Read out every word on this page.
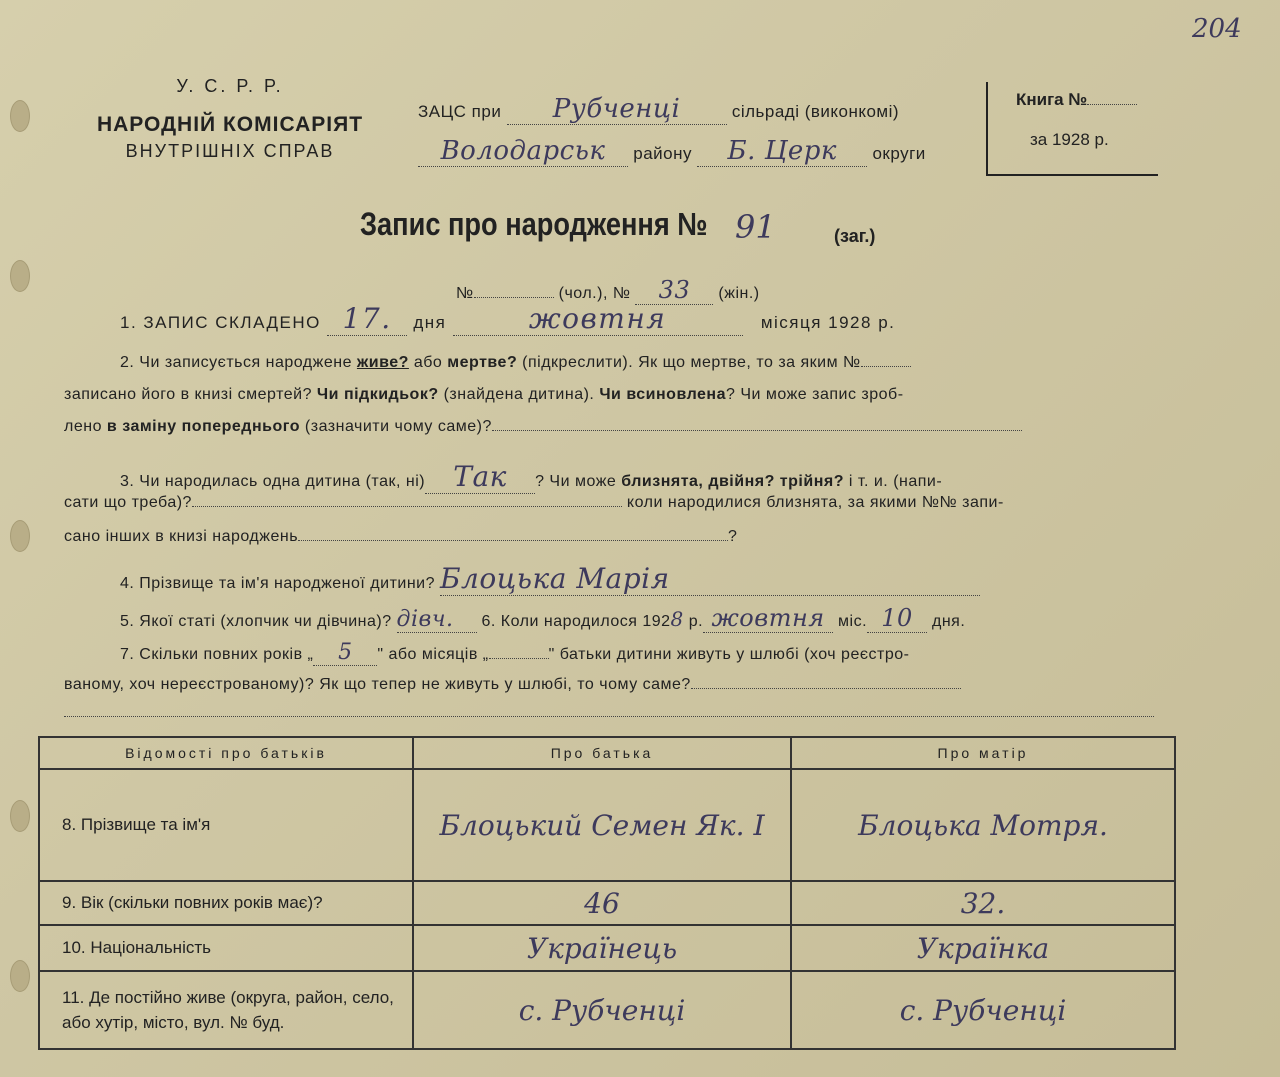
204
У. С. Р. Р.
НАРОДНІЙ КОМІСАРІЯТ
ВНУТРІШНІХ СПРАВ
ЗАЦС при Рубченці	сільраді (виконкомі)
Володарськ району Б. Церк округи
Книга №
за 1928 р.
Запис про народження № 91	(заг.)
№	(чол.), № 33 (жін.)
1. ЗАПИС СКЛАДЕНО 17. дня	жовтня	місяця 1928 р.
2. Чи записується народжене живе? або мертве? (підкреслити). Як що мертве, то за яким №
записано його в книзі смертей? Чи підкидьок? (знайдена дитина). Чи всиновлена? Чи може запис зроб-
лено в заміну попереднього (зазначити чому саме)?
3. Чи народилась одна дитина (так, ні) Так ? Чи може близнята, двійня? трійня? і т. и. (напи-
сати що треба)?	коли народилися близнята, за якими №№ запи-
сано інших в книзі народжень	?
4. Прізвище та ім'я народженої дитини? Блоцька Марія
5. Якої статі (хлопчик чи дівчина)? дівч. 6. Коли народилося 1928 р. жовтня міс. 10 дня.
7. Скільки повних років „ 5 " або місяців „	" батьки дитини живуть у шлюбі (хоч реєстро-
ваному, хоч нереєстрованому)? Як що тепер не живуть у шлюбі, то чому саме?
Відомості про батьків	Про батька	Про матір
8. Прізвище та ім'я	Блоцький Семен Як. І	Блоцька Мотря.
9. Вік (скільки повних років має)?	46	32.
10. Національність	Українець	Українка
11. Де постійно живе (округа, район, село, або хутір, місто, вул. № буд.	с. Рубченці	с. Рубченці
